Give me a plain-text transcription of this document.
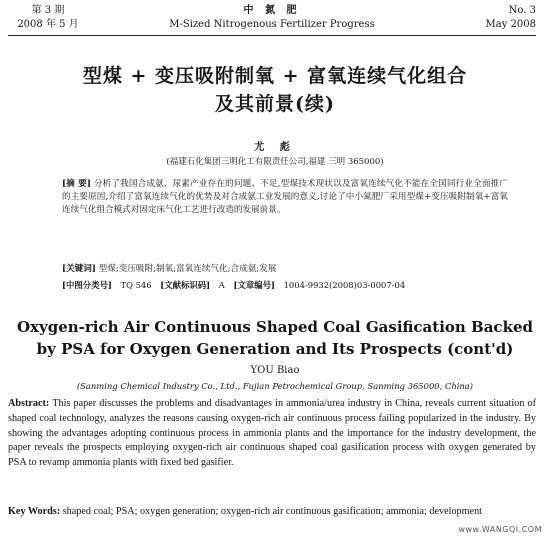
第 3 期
2008 年 5 月
中 氮 肥
M-Sized Nitrogenous Fertilizer Progress
No. 3
May 2008
型煤 + 变压吸附制氧 + 富氧连续气化组合
及其前景(续)
尤 彪
(福建石化集团三明化工有限责任公司,福建 三明 365000)
[摘 要] 分析了我国合成氨、尿素产业存在的问题、不足,型煤技术现状以及富氧连续气化不能在全国同行业全面推广的主要原因,介绍了富氧连续气化的优势及对合成氨工业发展的意义,讨论了中小氮肥厂采用型煤+变压吸附制氧+富氧连续气化组合模式对固定床气化工艺进行改造的发展前景。
[关键词] 型煤;变压吸附;制氧;富氧连续气化;合成氨;发展
[中图分类号] TQ 546 [文献标识码] A [文章编号] 1004-9932(2008)03-0007-04
Oxygen-rich Air Continuous Shaped Coal Gasification Backed
by PSA for Oxygen Generation and Its Prospects (cont'd)
YOU Biao
(Sanming Chemical Industry Co., Ltd., Fujian Petrochemical Group, Sanming 365000, China)
Abstract: This paper discusses the problems and disadvantages in ammonia/urea industry in China, reveals current situation of shaped coal technology, analyzes the reasons causing oxygen-rich air continuous process failing popularized in the industry. By showing the advantages adopting continuous process in ammonia plants and the importance for the industry development, the paper reveals the prospects employing oxygen-rich air continuous shaped coal gasification process with oxygen generated by PSA to revamp ammonia plants with fixed bed gasifier.
Key Words: shaped coal; PSA; oxygen generation; oxygen-rich air continuous gasification; ammonia; development
www.WANGQI.COM
